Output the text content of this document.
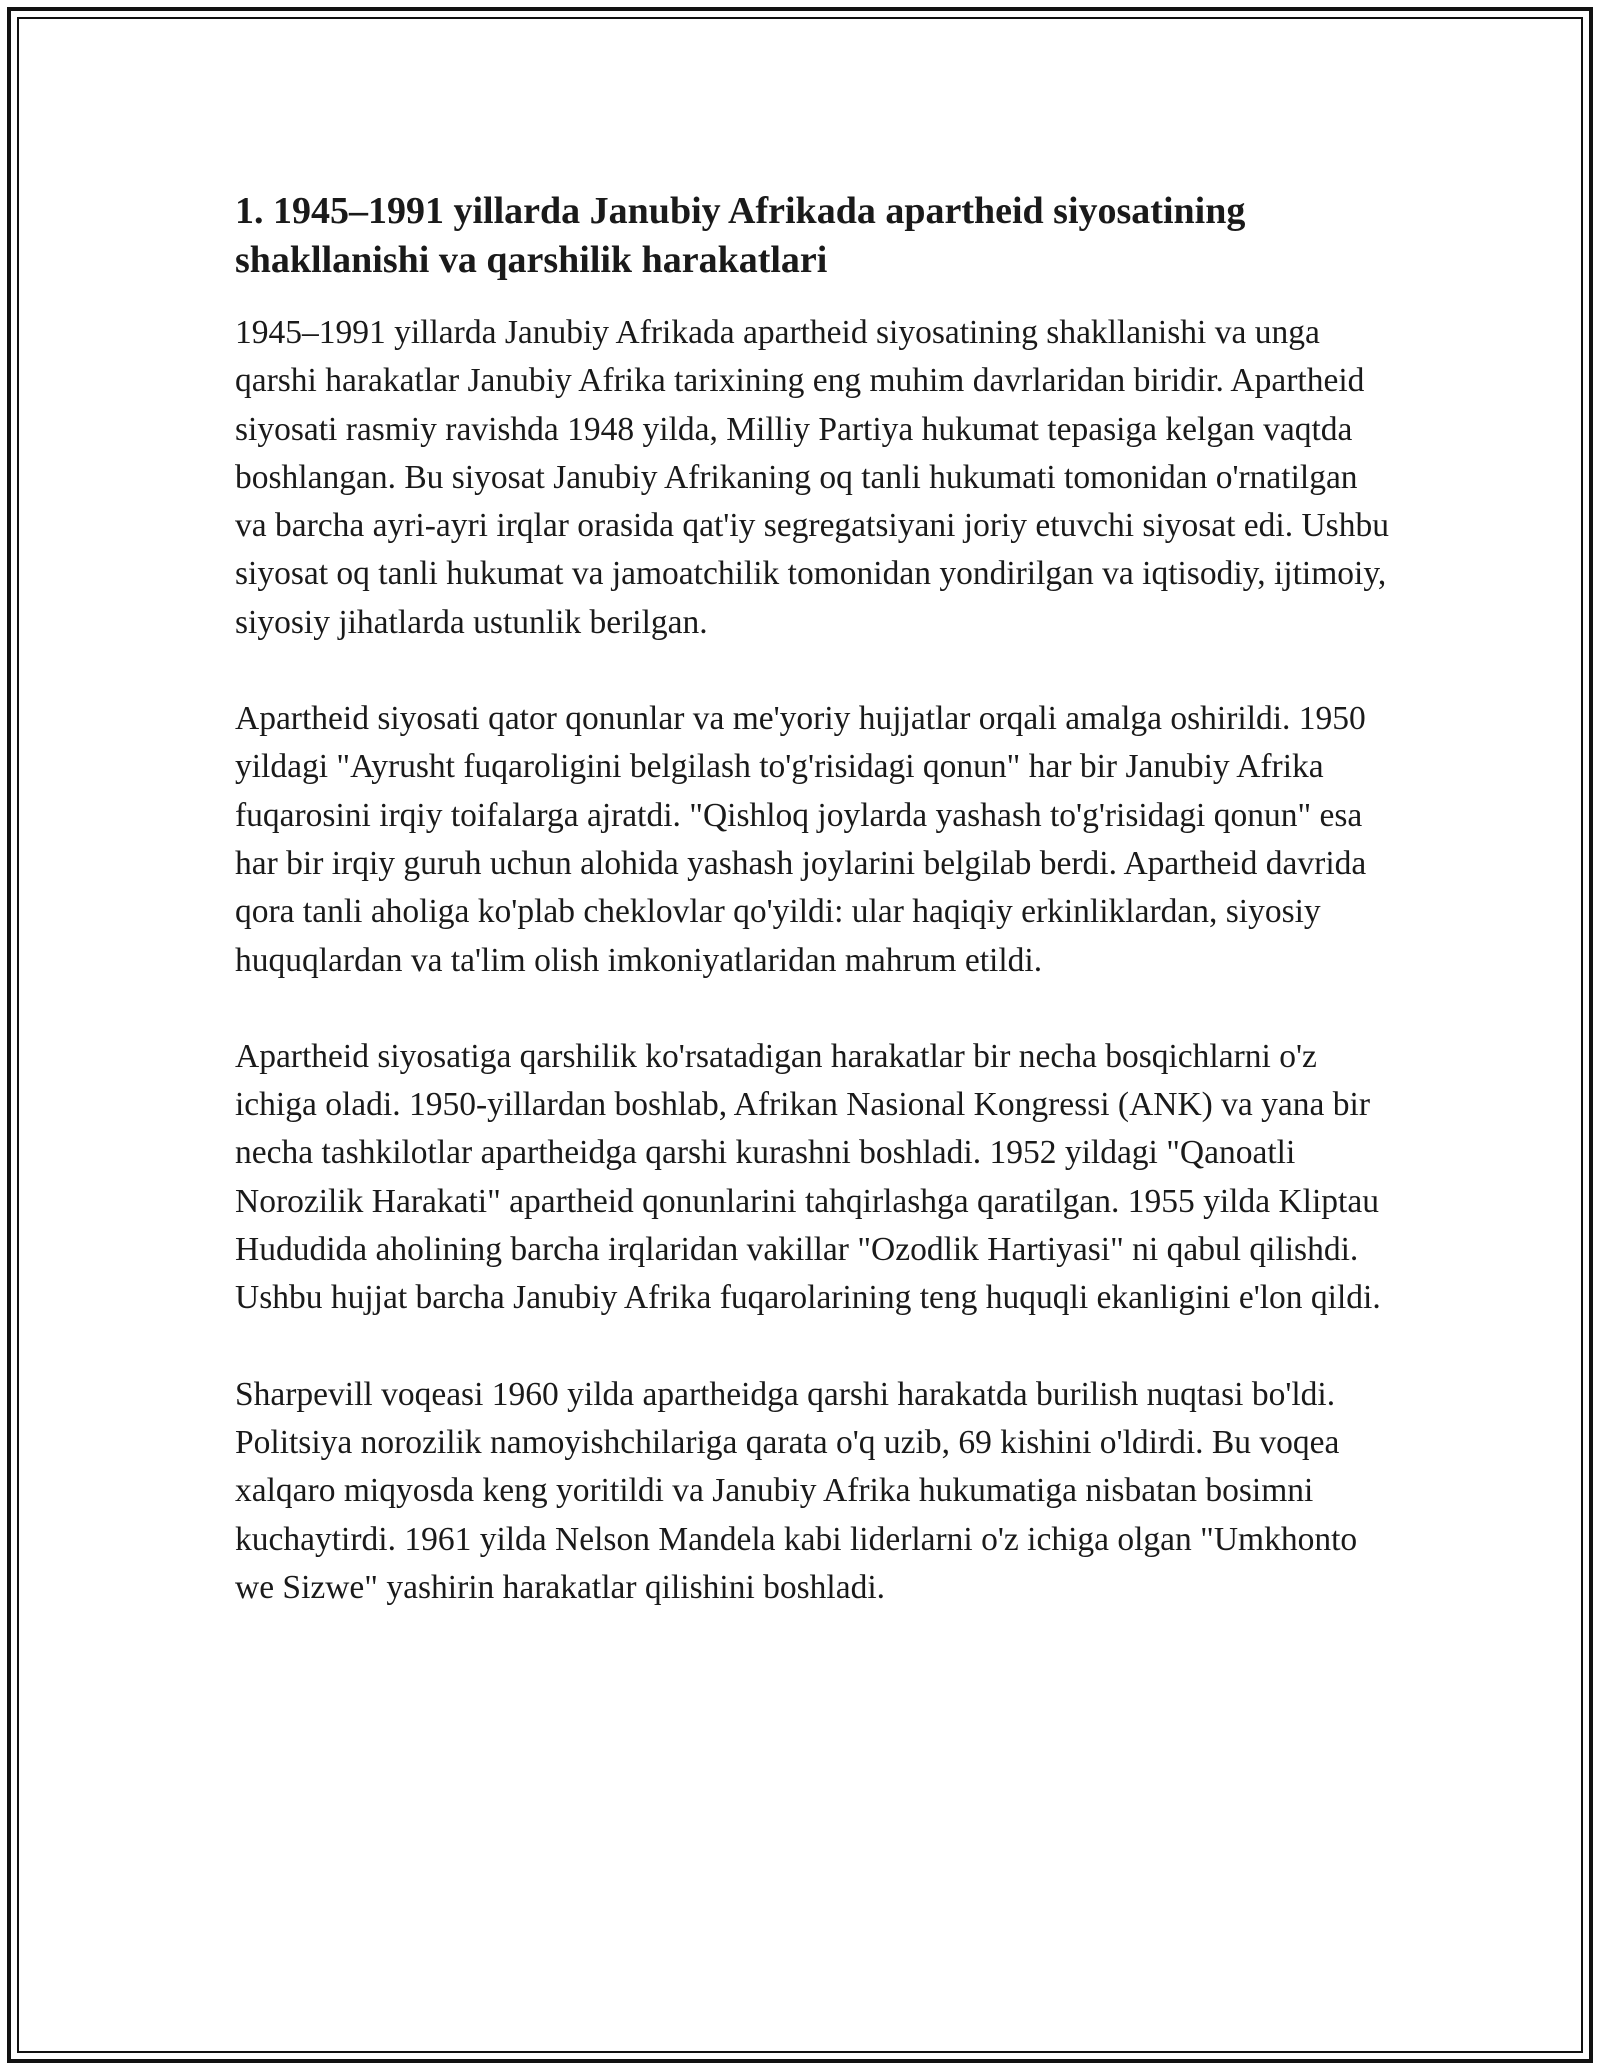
1. 1945–1991 yillarda Janubiy Afrikada apartheid siyosatining shakllanishi va qarshilik harakatlari

1945–1991 yillarda Janubiy Afrikada apartheid siyosatining shakllanishi va unga qarshi harakatlar Janubiy Afrika tarixining eng muhim davrlaridan biridir. Apartheid siyosati rasmiy ravishda 1948 yilda, Milliy Partiya hukumat tepasiga kelgan vaqtda boshlangan. Bu siyosat Janubiy Afrikaning oq tanli hukumati tomonidan o'rnatilgan va barcha ayri-ayri irqlar orasida qat'iy segregatsiyani joriy etuvchi siyosat edi. Ushbu siyosat oq tanli hukumat va jamoatchilik tomonidan yondirilgan va iqtisodiy, ijtimoiy, siyosiy jihatlarda ustunlik berilgan.

Apartheid siyosati qator qonunlar va me'yoriy hujjatlar orqali amalga oshirildi. 1950 yildagi "Ayrusht fuqaroligini belgilash to'g'risidagi qonun" har bir Janubiy Afrika fuqarosini irqiy toifalarga ajratdi. "Qishloq joylarda yashash to'g'risidagi qonun" esa har bir irqiy guruh uchun alohida yashash joylarini belgilab berdi. Apartheid davrida qora tanli aholiga ko'plab cheklovlar qo'yildi: ular haqiqiy erkinliklardan, siyosiy huquqlardan va ta'lim olish imkoniyatlaridan mahrum etildi.

Apartheid siyosatiga qarshilik ko'rsatadigan harakatlar bir necha bosqichlarni o'z ichiga oladi. 1950-yillardan boshlab, Afrikan Nasional Kongressi (ANK) va yana bir necha tashkilotlar apartheidga qarshi kurashni boshladi. 1952 yildagi "Qanoatli Norozilik Harakati" apartheid qonunlarini tahqirlashga qaratilgan. 1955 yilda Kliptau Hududida aholining barcha irqlaridan vakillar "Ozodlik Hartiyasi" ni qabul qilishdi. Ushbu hujjat barcha Janubiy Afrika fuqarolarining teng huquqli ekanligini e'lon qildi.

Sharpevill voqeasi 1960 yilda apartheidga qarshi harakatda burilish nuqtasi bo'ldi. Politsiya norozilik namoyishchilariga qarata o'q uzib, 69 kishini o'ldirdi. Bu voqea xalqaro miqyosda keng yoritildi va Janubiy Afrika hukumatiga nisbatan bosimni kuchaytirdi. 1961 yilda Nelson Mandela kabi liderlarni o'z ichiga olgan "Umkhonto we Sizwe" yashirin harakatlar qilishini boshladi.
